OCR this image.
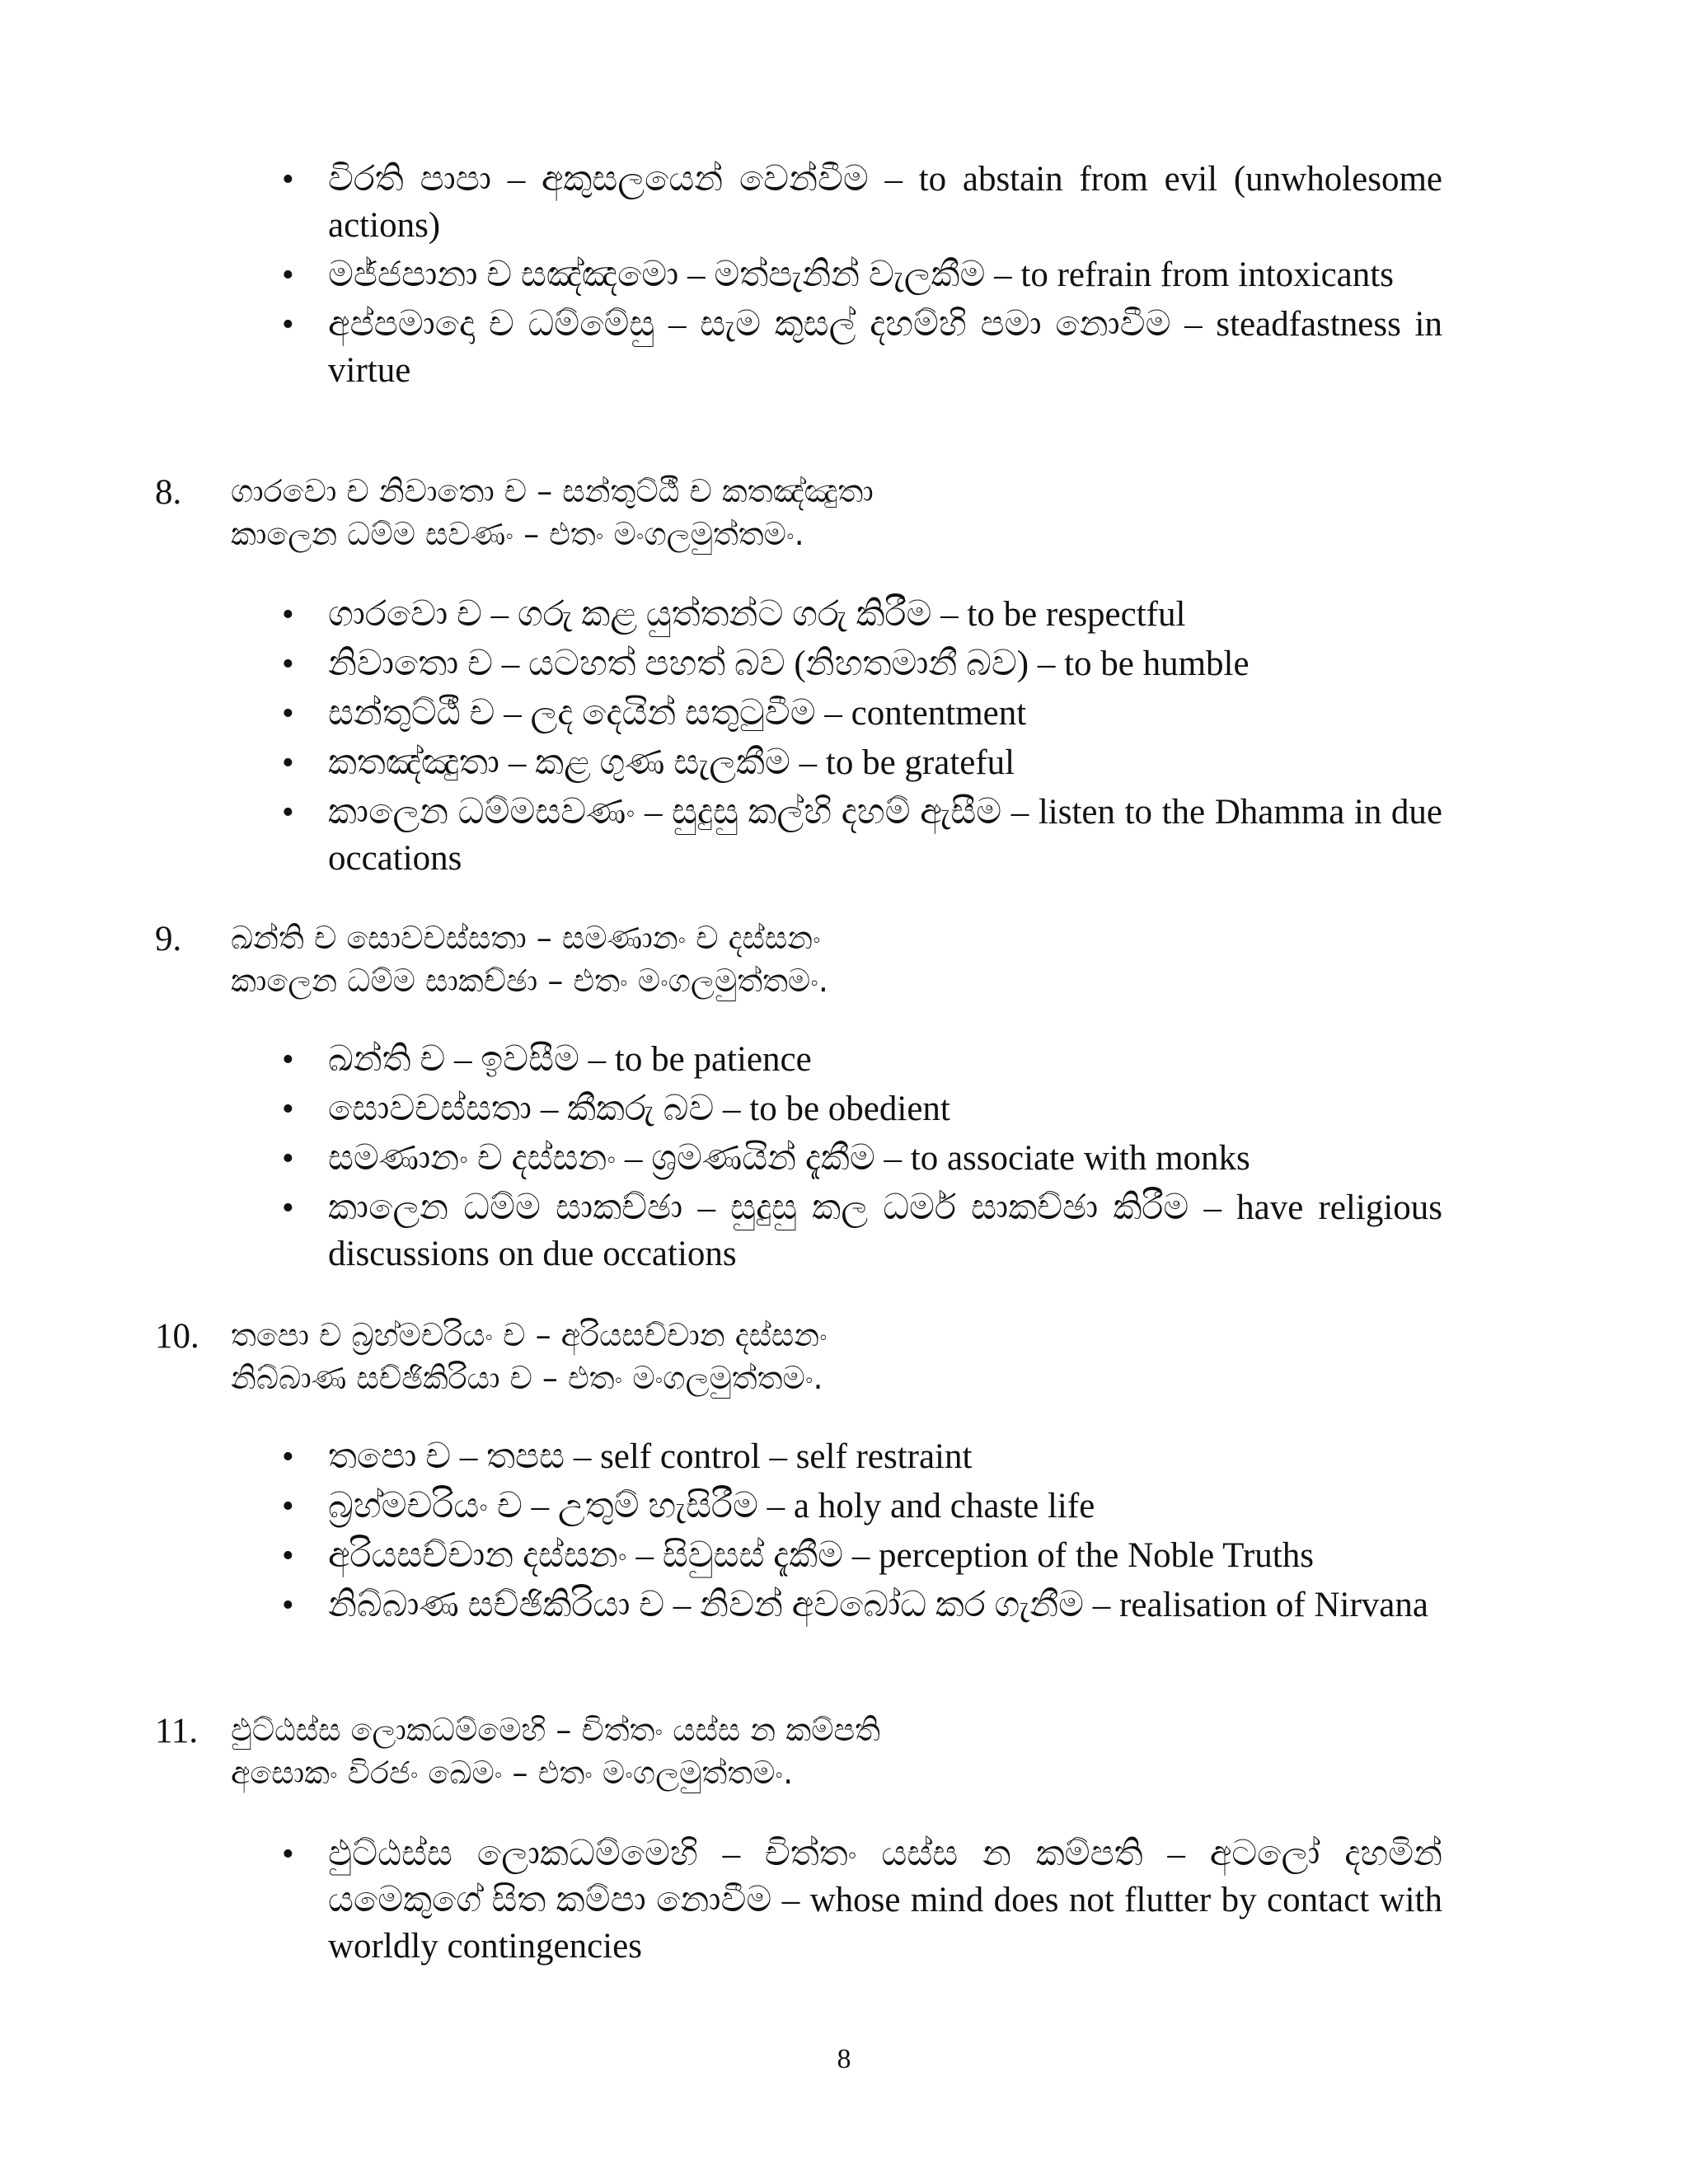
• විරති පාපා – අකුසලයෙන් වෙන්වීම – to abstain from evil (unwholesome actions)
• මජ්ජපානා ච සඤ්ඤමො – මත්පැනින් වැලකීම – to refrain from intoxicants
• අප්පමාදො ච ධම්මේසු – සැම කුසල් දහම්හි පමා නොවීම – steadfastness in virtue
8. ගාරවො ච නිවාතො ච – සන්තුට්ඨී ච කතඤ්ඤුතා
කාලෙන ධම්ම සවණං – එතං මංගලමුත්තමං.
• ගාරවො ච – ගරු කළ යුත්තන්ට ගරු කිරීම – to be respectful
• නිවාතො ච – යටහත් පහත් බව (නිහතමානී බව) – to be humble
• සන්තුට්ඨී ච – ලද දෙයින් සතුටුවීම – contentment
• කතඤ්ඤුතා – කළ ගුණ සැලකීම – to be grateful
• කාලෙන ධම්මසවණං – සුදුසු කල්හි දහම් ඇසීම – listen to the Dhamma in due occations
9. ඛන්ති ච සොවචස්සතා – සමණානං ච දස්සනං
කාලෙන ධම්ම සාකච්ඡා – එතං මංගලමුත්තමං.
• ඛන්ති ච – ඉවසීම – to be patience
• සොවචස්සතා – කීකරු බව – to be obedient
• සමණානං ච දස්සනං – ශ්‍රමණයින් දැකීම – to associate with monks
• කාලෙන ධම්ම සාකච්ඡා – සුදුසු කල ධර්ම සාකච්ඡා කිරීම – have religious discussions on due occations
10. තපො ච බ්‍රහ්මචරියං ච – අරියසච්චාන දස්සනං
නිබ්බාණ සච්ඡිකිරියා ච – එතං මංගලමුත්තමං.
• තපො ච – තපස – self control – self restraint
• බ්‍රහ්මචරියං ච – උතුම් හැසිරීම – a holy and chaste life
• අරියසච්චාන දස්සනං – සිවුසස් දැකීම – perception of the Noble Truths
• නිබ්බාණ සච්ඡිකිරියා ච – නිවන් අවබෝධ කර ගැනීම – realisation of Nirvana
11. ඵුට්ඨස්ස ලොකධම්මෙහි – චිත්තං යස්ස න කම්පති
අසොකං විරජං ඛෙමං – එතං මංගලමුත්තමං.
• ඵුට්ඨස්ස ලොකධම්මෙහි – චිත්තං යස්ස න කම්පති – අටලෝ දහමින් යමෙකුගේ සිත කම්පා නොවීම – whose mind does not flutter by contact with worldly contingencies
8
